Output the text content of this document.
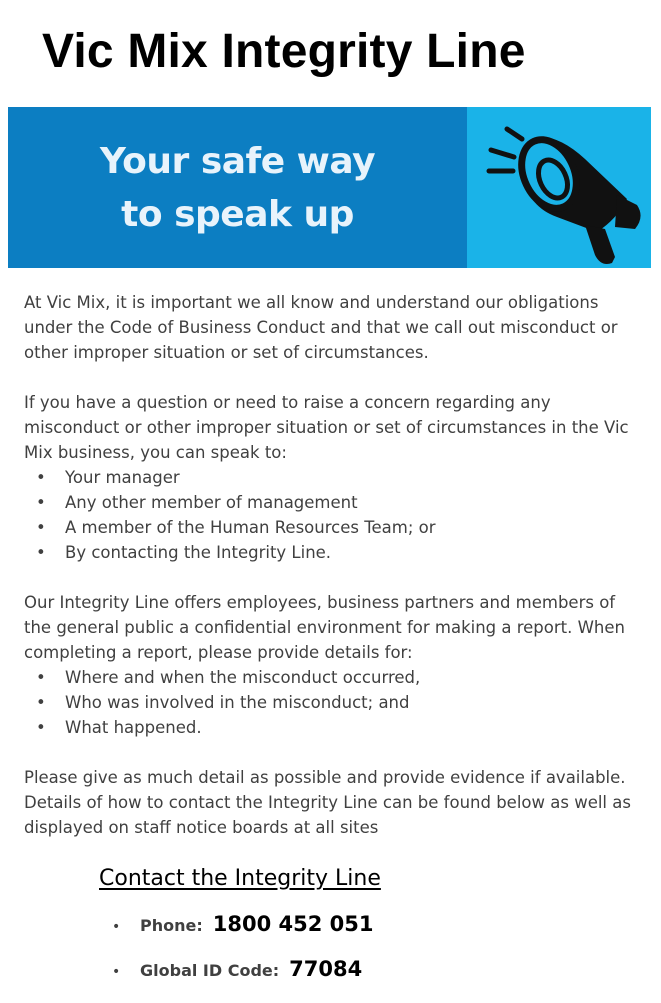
Vic Mix Integrity Line
Your safe way
to speak up

At Vic Mix, it is important we all know and understand our obligations under the Code of Business Conduct and that we call out misconduct or other improper situation or set of circumstances.

If you have a question or need to raise a concern regarding any misconduct or other improper situation or set of circumstances in the Vic Mix business, you can speak to:

• Your manager
• Any other member of management
• A member of the Human Resources Team; or
• By contacting the Integrity Line.

Our Integrity Line offers employees, business partners and members of the general public a confidential environment for making a report. When completing a report, please provide details for:

• Where and when the misconduct occurred,
• Who was involved in the misconduct; and
• What happened.

Please give as much detail as possible and provide evidence if available. Details of how to contact the Integrity Line can be found below as well as displayed on staff notice boards at all sites

Contact the Integrity Line
•	Phone: 1800 452 051
•	Global ID Code: 77084
